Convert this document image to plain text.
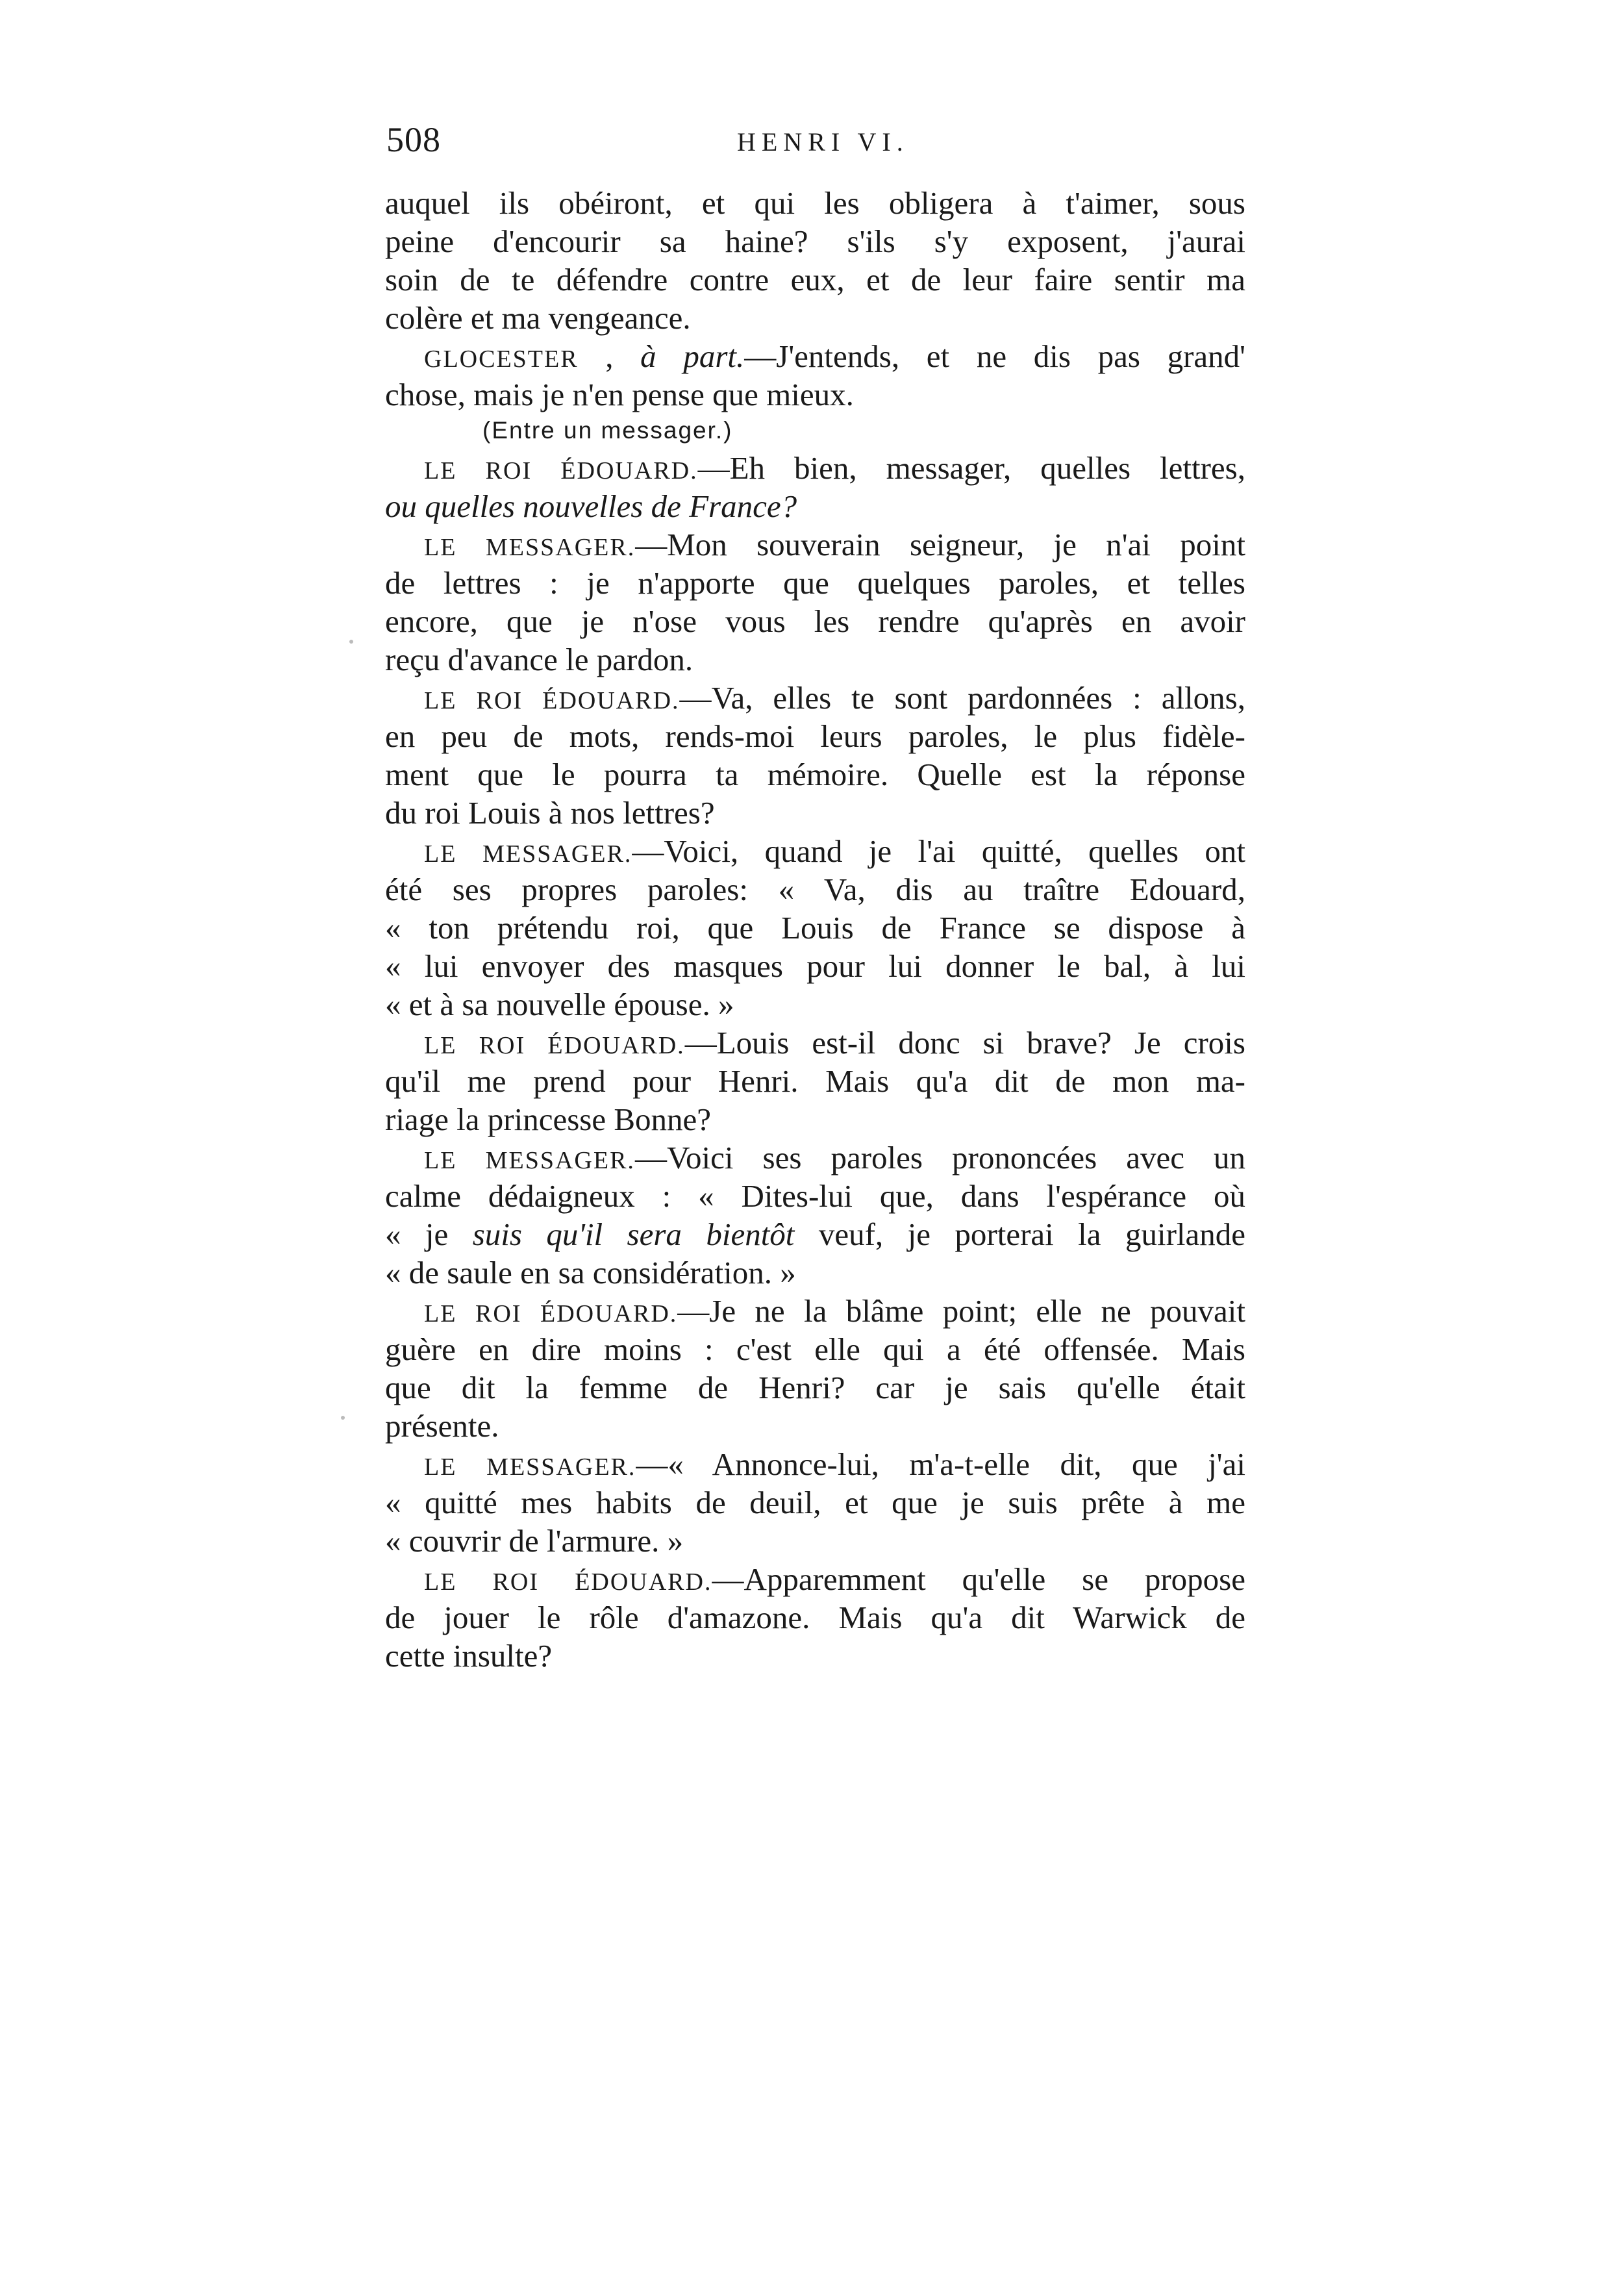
508	HENRI VI.
auquel ils obéiront, et qui les obligera à t'aimer, sous
peine d'encourir sa haine? s'ils s'y exposent, j'aurai
soin de te défendre contre eux, et de leur faire sentir ma
colère et ma vengeance.
GLOCESTER , à part.—J'entends, et ne dis pas grand'
chose, mais je n'en pense que mieux.
(Entre un messager.)
LE ROI ÉDOUARD.—Eh bien, messager, quelles lettres,
ou quelles nouvelles de France?
LE MESSAGER.—Mon souverain seigneur, je n'ai point
de lettres : je n'apporte que quelques paroles, et telles
encore, que je n'ose vous les rendre qu'après en avoir
reçu d'avance le pardon.
LE ROI ÉDOUARD.—Va, elles te sont pardonnées : allons,
en peu de mots, rends-moi leurs paroles, le plus fidèle-
ment que le pourra ta mémoire. Quelle est la réponse
du roi Louis à nos lettres?
LE MESSAGER.—Voici, quand je l'ai quitté, quelles ont
été ses propres paroles: « Va, dis au traître Edouard,
« ton prétendu roi, que Louis de France se dispose à
« lui envoyer des masques pour lui donner le bal, à lui
« et à sa nouvelle épouse. »
LE ROI ÉDOUARD.—Louis est-il donc si brave? Je crois
qu'il me prend pour Henri. Mais qu'a dit de mon ma-
riage la princesse Bonne?
LE MESSAGER.—Voici ses paroles prononcées avec un
calme dédaigneux : « Dites-lui que, dans l'espérance où
« je suis qu'il sera bientôt veuf, je porterai la guirlande
« de saule en sa considération. »
LE ROI ÉDOUARD.—Je ne la blâme point; elle ne pouvait
guère en dire moins : c'est elle qui a été offensée. Mais
que dit la femme de Henri? car je sais qu'elle était
présente.
LE MESSAGER.—« Annonce-lui, m'a-t-elle dit, que j'ai
« quitté mes habits de deuil, et que je suis prête à me
« couvrir de l'armure. »
LE ROI ÉDOUARD.—Apparemment qu'elle se propose
de jouer le rôle d'amazone. Mais qu'a dit Warwick de
cette insulte?
